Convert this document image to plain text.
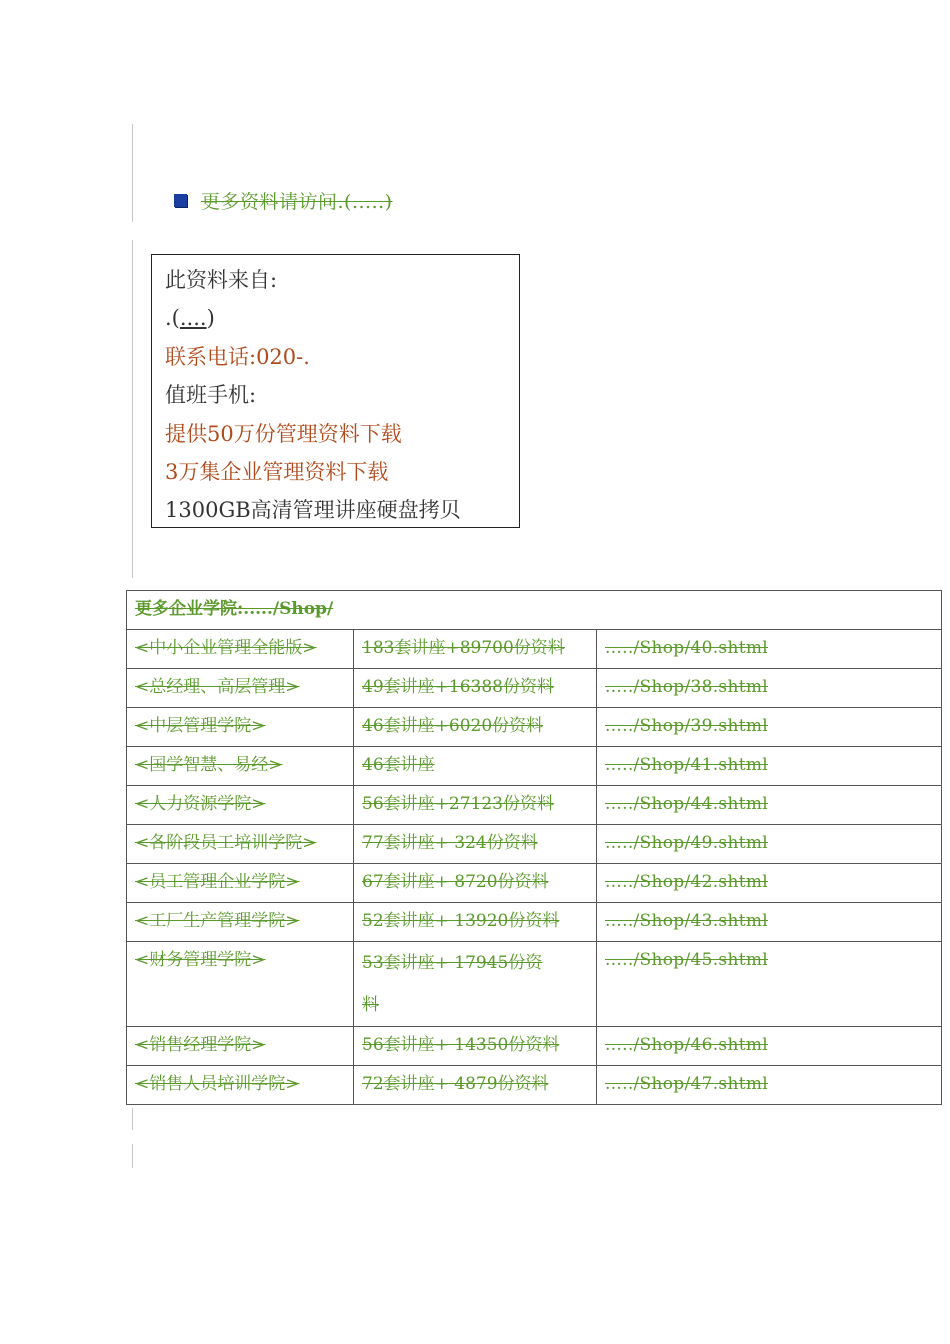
更多资料请访问.(.....)
此资料来自:
.(....)
联系电话:020-.
值班手机:
提供50万份管理资料下载
3万集企业管理资料下载
1300GB高清管理讲座硬盘拷贝
更多企业学院:...../Shop/		
<中小企业管理全能版>	183套讲座+89700份资料	...../Shop/40.shtml
<总经理、高层管理>	49套讲座+16388份资料	...../Shop/38.shtml
<中层管理学院>	46套讲座+6020份资料	...../Shop/39.shtml
<国学智慧、易经>	46套讲座	...../Shop/41.shtml
<人力资源学院>	56套讲座+27123份资料	...../Shop/44.shtml
<各阶段员工培训学院>	77套讲座+ 324份资料	...../Shop/49.shtml
<员工管理企业学院>	67套讲座+ 8720份资料	...../Shop/42.shtml
<工厂生产管理学院>	52套讲座+ 13920份资料	...../Shop/43.shtml
<财务管理学院>	53套讲座+ 17945份资
料	...../Shop/45.shtml
<销售经理学院>	56套讲座+ 14350份资料	...../Shop/46.shtml
<销售人员培训学院>	72套讲座+ 4879份资料	...../Shop/47.shtml
